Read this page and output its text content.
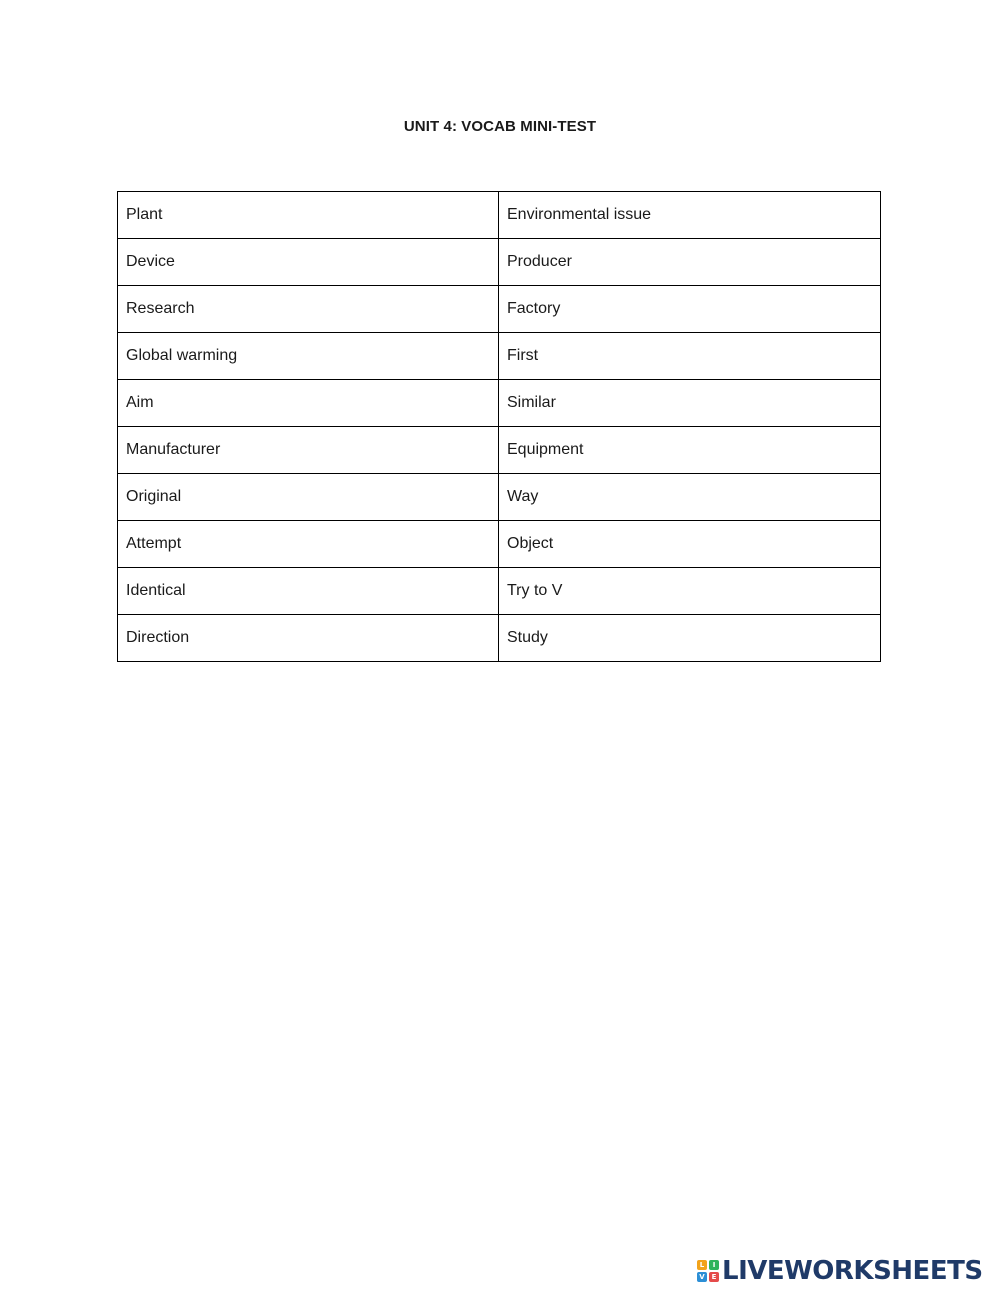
UNIT 4: VOCAB MINI-TEST
Plant	Environmental issue
Device	Producer
Research	Factory
Global warming	First
Aim	Similar
Manufacturer	Equipment
Original	Way
Attempt	Object
Identical	Try to V
Direction	Study
L	I
V E LIVEWORKSHEETS
